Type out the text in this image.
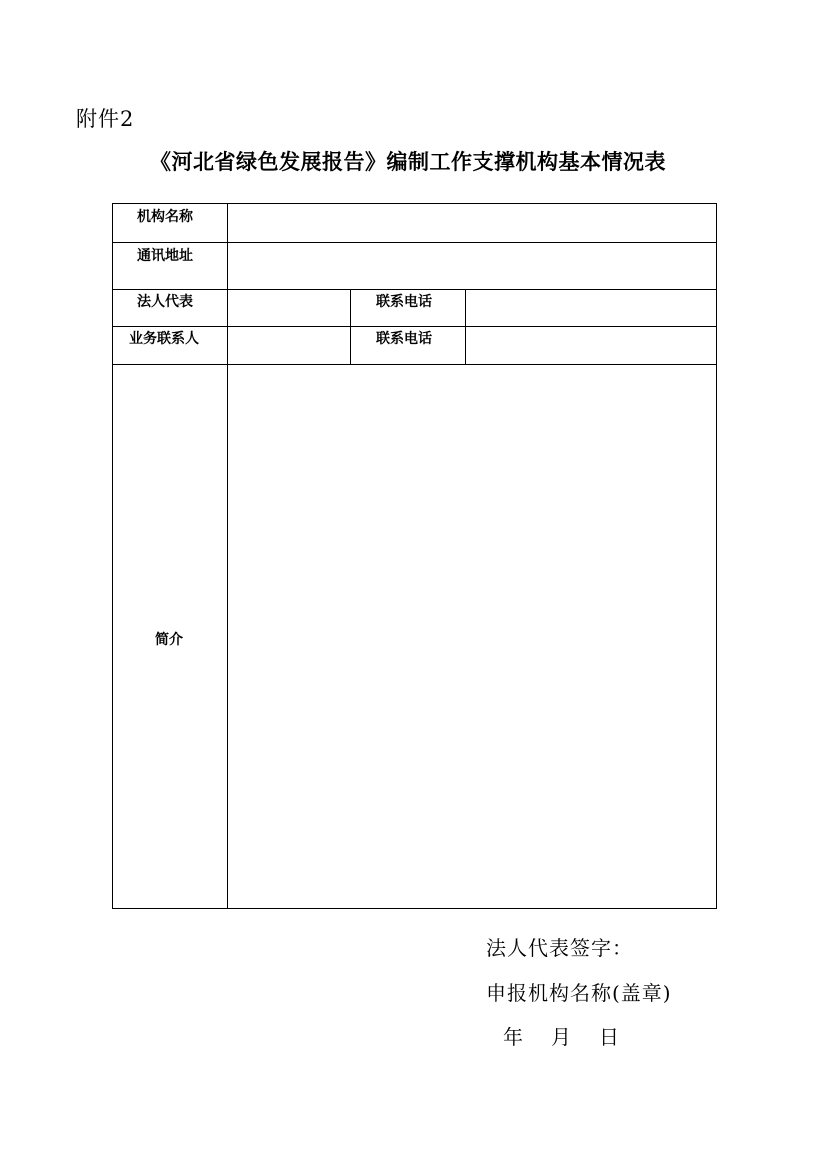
附件2
《河北省绿色发展报告》编制工作支撑机构基本情况表
机构名称
通讯地址
法人代表	联系电话
业务联系人	联系电话
简介
法人代表签字：
申报机构名称(盖章)
年　月　日
